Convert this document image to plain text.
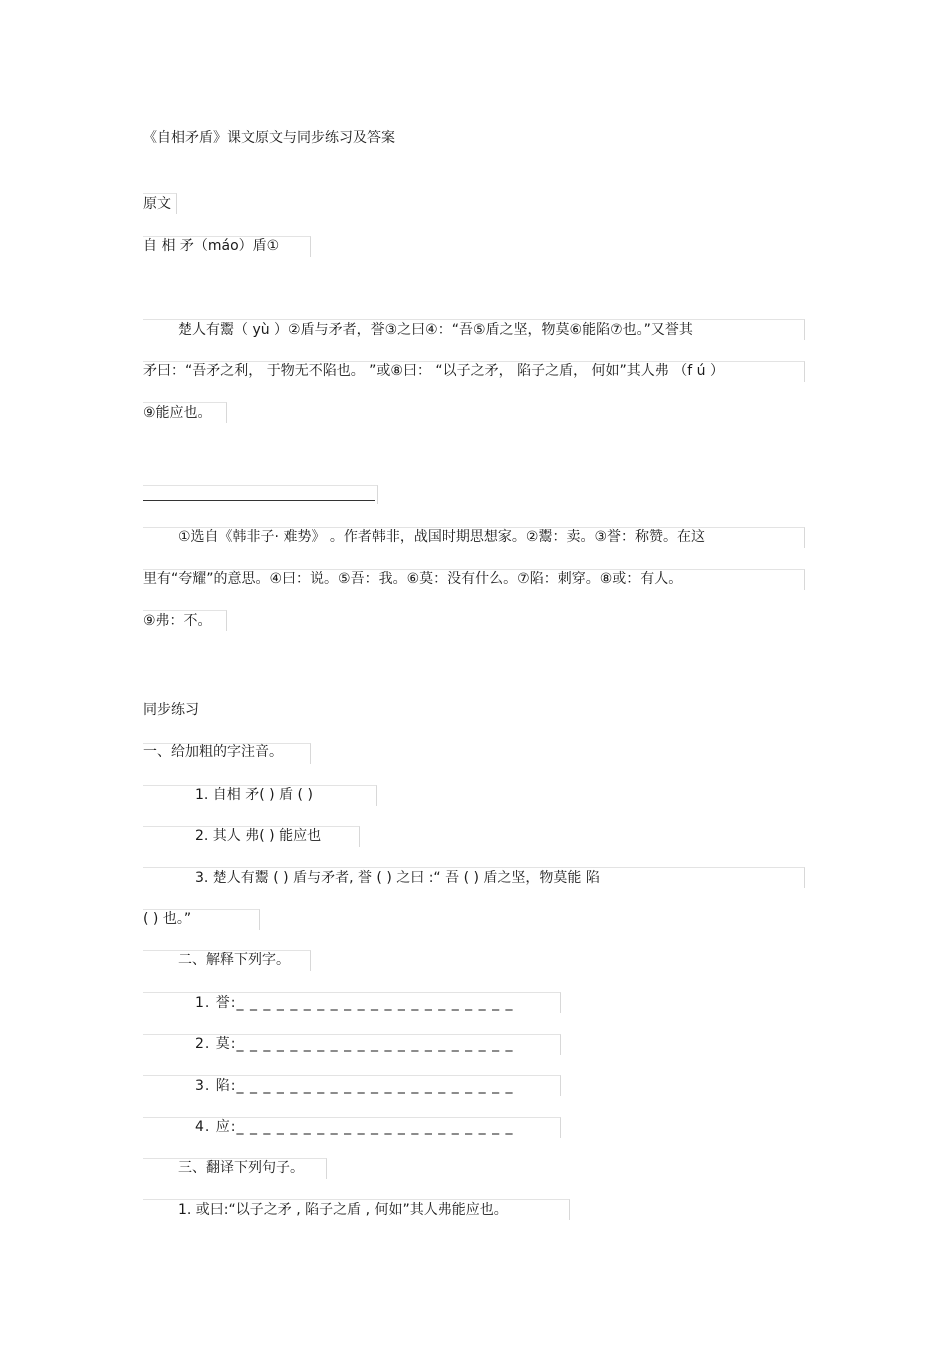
《自相矛盾》课文原文与同步练习及答案
原文
自 相 矛（máo）盾①
楚人有鬻（ yù ）②盾与矛者，誉③之曰④：“吾⑤盾之坚，物莫⑥能陷⑦也。”又誉其
矛曰：“吾矛之利， 于物无不陷也。 ”或⑧曰： “以子之矛， 陷子之盾， 何如”其人弗 （f ú ）
⑨能应也。
①选自《韩非子· 难势》 。作者韩非，战国时期思想家。②鬻：卖。③誉：称赞。在这
里有“夸耀”的意思。④曰：说。⑤吾：我。⑥莫：没有什么。⑦陷：刺穿。⑧或：有人。
⑨弗：不。
同步练习
一、给加粗的字注音。
1. 自相 矛( ) 盾 ( )
2. 其人 弗( ) 能应也
3. 楚人有鬻 ( ) 盾与矛者, 誉 ( ) 之曰 :“ 吾 ( ) 盾之坚，物莫能 陷
( ) 也。”
二、解释下列字。
1. 誉:_ _ _ _ _ _ _ _ _ _ _ _ _ _ _ _ _ _ _ _ _
2. 莫:_ _ _ _ _ _ _ _ _ _ _ _ _ _ _ _ _ _ _ _ _
3. 陷:_ _ _ _ _ _ _ _ _ _ _ _ _ _ _ _ _ _ _ _ _
4. 应:_ _ _ _ _ _ _ _ _ _ _ _ _ _ _ _ _ _ _ _ _
三、翻译下列句子。
1. 或曰:“以子之矛 , 陷子之盾 , 何如”其人弗能应也。
